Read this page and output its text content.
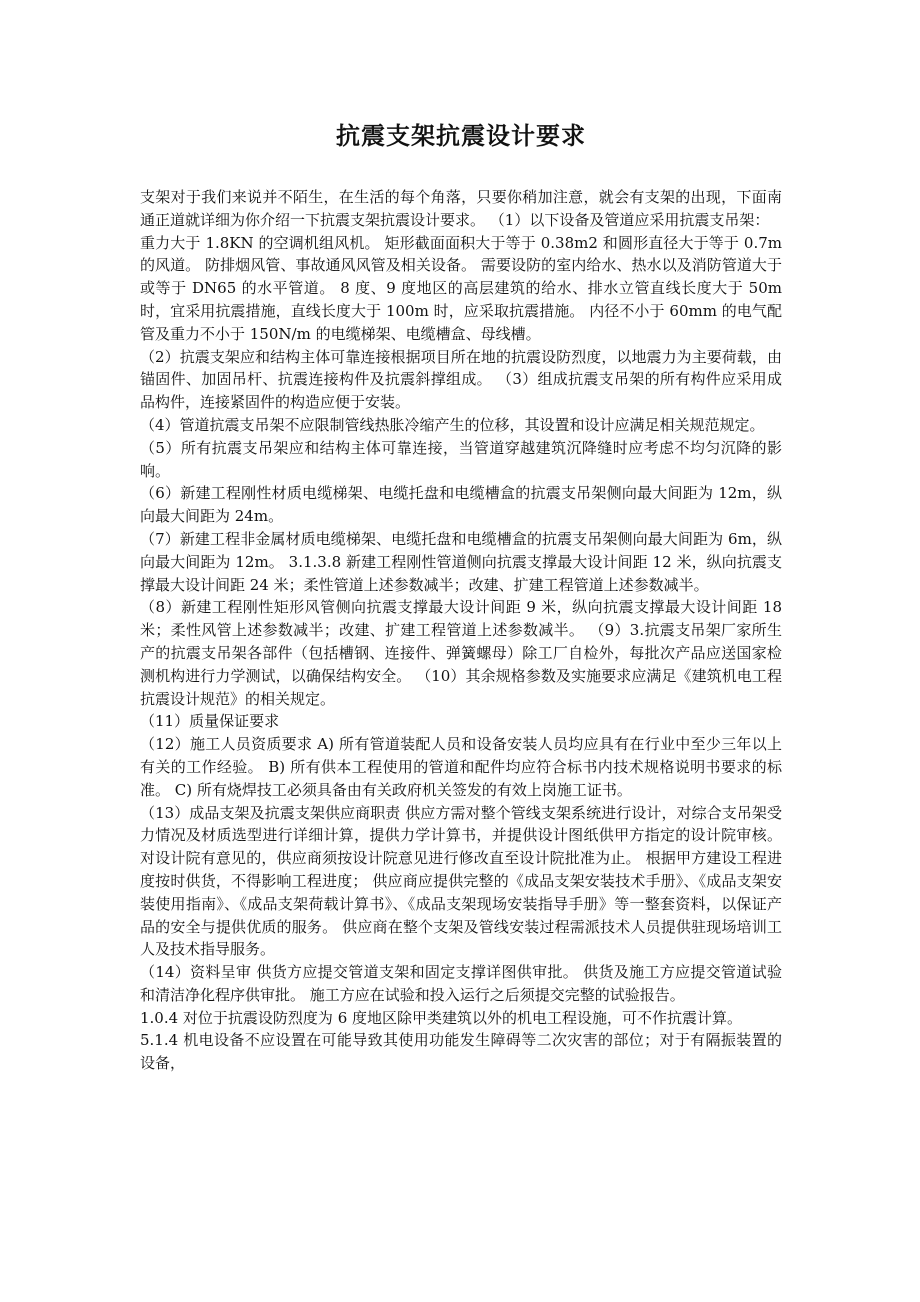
抗震支架抗震设计要求

支架对于我们来说并不陌生，在生活的每个角落，只要你稍加注意，就会有支架的出现，下面南通正道就详细为你介绍一下抗震支架抗震设计要求。 （1）以下设备及管道应采用抗震支吊架：

重力大于 1.8KN 的空调机组风机。 矩形截面面积大于等于 0.38m2 和圆形直径大于等于 0.7m 的风道。 防排烟风管、事故通风风管及相关设备。 需要设防的室内给水、热水以及消防管道大于或等于 DN65 的水平管道。 8 度、9 度地区的高层建筑的给水、排水立管直线长度大于 50m 时，宜采用抗震措施，直线长度大于 100m 时，应采取抗震措施。 内径不小于 60mm 的电气配管及重力不小于 150N/m 的电缆梯架、电缆槽盒、母线槽。

（2）抗震支架应和结构主体可靠连接根据项目所在地的抗震设防烈度，以地震力为主要荷载，由锚固件、加固吊杆、抗震连接构件及抗震斜撑组成。 （3）组成抗震支吊架的所有构件应采用成品构件，连接紧固件的构造应便于安装。

（4）管道抗震支吊架不应限制管线热胀冷缩产生的位移，其设置和设计应满足相关规范规定。

（5）所有抗震支吊架应和结构主体可靠连接，当管道穿越建筑沉降缝时应考虑不均匀沉降的影响。

（6）新建工程刚性材质电缆梯架、电缆托盘和电缆槽盒的抗震支吊架侧向最大间距为 12m，纵向最大间距为 24m。

（7）新建工程非金属材质电缆梯架、电缆托盘和电缆槽盒的抗震支吊架侧向最大间距为 6m，纵向最大间距为 12m。 3.1.3.8 新建工程刚性管道侧向抗震支撑最大设计间距 12 米，纵向抗震支撑最大设计间距 24 米；柔性管道上述参数减半；改建、扩建工程管道上述参数减半。

（8）新建工程刚性矩形风管侧向抗震支撑最大设计间距 9 米，纵向抗震支撑最大设计间距 18 米；柔性风管上述参数减半；改建、扩建工程管道上述参数减半。 （9）3.抗震支吊架厂家所生产的抗震支吊架各部件（包括槽钢、连接件、弹簧螺母）除工厂自检外，每批次产品应送国家检测机构进行力学测试，以确保结构安全。 （10）其余规格参数及实施要求应满足《建筑机电工程抗震设计规范》的相关规定。

（11）质量保证要求

（12）施工人员资质要求 A) 所有管道装配人员和设备安装人员均应具有在行业中至少三年以上有关的工作经验。 B) 所有供本工程使用的管道和配件均应符合标书内技术规格说明书要求的标准。 C) 所有烧焊技工必须具备由有关政府机关签发的有效上岗施工证书。

（13）成品支架及抗震支架供应商职责 供应方需对整个管线支架系统进行设计，对综合支吊架受力情况及材质选型进行详细计算，提供力学计算书，并提供设计图纸供甲方指定的设计院审核。对设计院有意见的，供应商须按设计院意见进行修改直至设计院批准为止。 根据甲方建设工程进度按时供货，不得影响工程进度； 供应商应提供完整的《成品支架安装技术手册》、《成品支架安装使用指南》、《成品支架荷载计算书》、《成品支架现场安装指导手册》等一整套资料，以保证产品的安全与提供优质的服务。 供应商在整个支架及管线安装过程需派技术人员提供驻现场培训工人及技术指导服务。

（14）资料呈审 供货方应提交管道支架和固定支撑详图供审批。 供货及施工方应提交管道试验和清洁净化程序供审批。 施工方应在试验和投入运行之后须提交完整的试验报告。

1.0.4 对位于抗震设防烈度为 6 度地区除甲类建筑以外的机电工程设施，可不作抗震计算。

5.1.4 机电设备不应设置在可能导致其使用功能发生障碍等二次灾害的部位；对于有隔振装置的设备，
